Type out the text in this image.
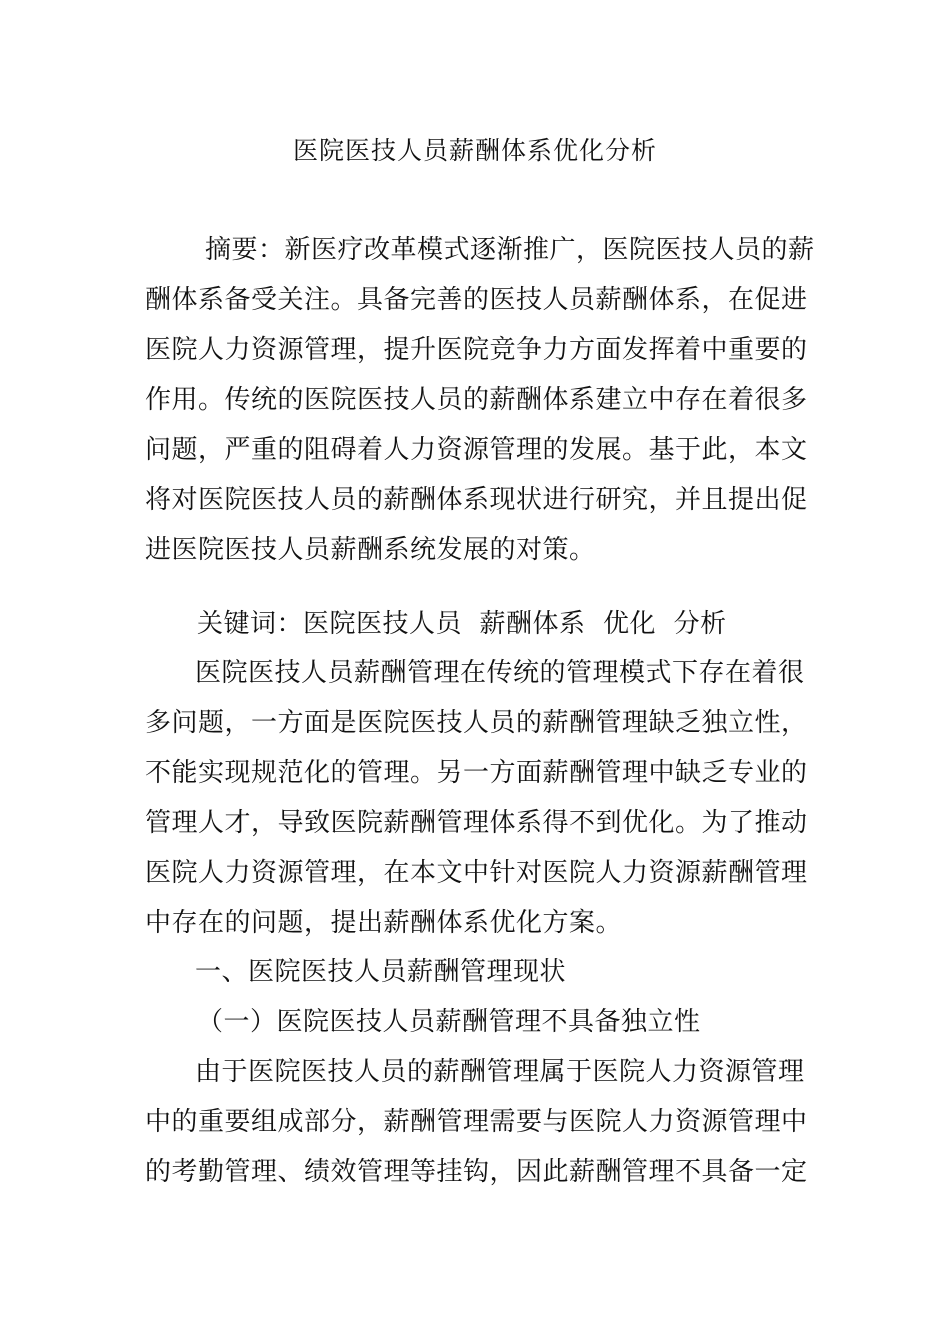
医院医技人员薪酬体系优化分析
摘要：新医疗改革模式逐渐推广，医院医技人员的薪
酬体系备受关注。具备完善的医技人员薪酬体系，在促进
医院人力资源管理，提升医院竞争力方面发挥着中重要的
作用。传统的医院医技人员的薪酬体系建立中存在着很多
问题，严重的阻碍着人力资源管理的发展。基于此，本文
将对医院医技人员的薪酬体系现状进行研究，并且提出促
进医院医技人员薪酬系统发展的对策。
关键词：医院医技人员  薪酬体系  优化  分析
医院医技人员薪酬管理在传统的管理模式下存在着很
多问题，一方面是医院医技人员的薪酬管理缺乏独立性，
不能实现规范化的管理。另一方面薪酬管理中缺乏专业的
管理人才，导致医院薪酬管理体系得不到优化。为了推动
医院人力资源管理，在本文中针对医院人力资源薪酬管理
中存在的问题，提出薪酬体系优化方案。
一、医院医技人员薪酬管理现状
（一）医院医技人员薪酬管理不具备独立性
由于医院医技人员的薪酬管理属于医院人力资源管理
中的重要组成部分，薪酬管理需要与医院人力资源管理中
的考勤管理、绩效管理等挂钩，因此薪酬管理不具备一定
